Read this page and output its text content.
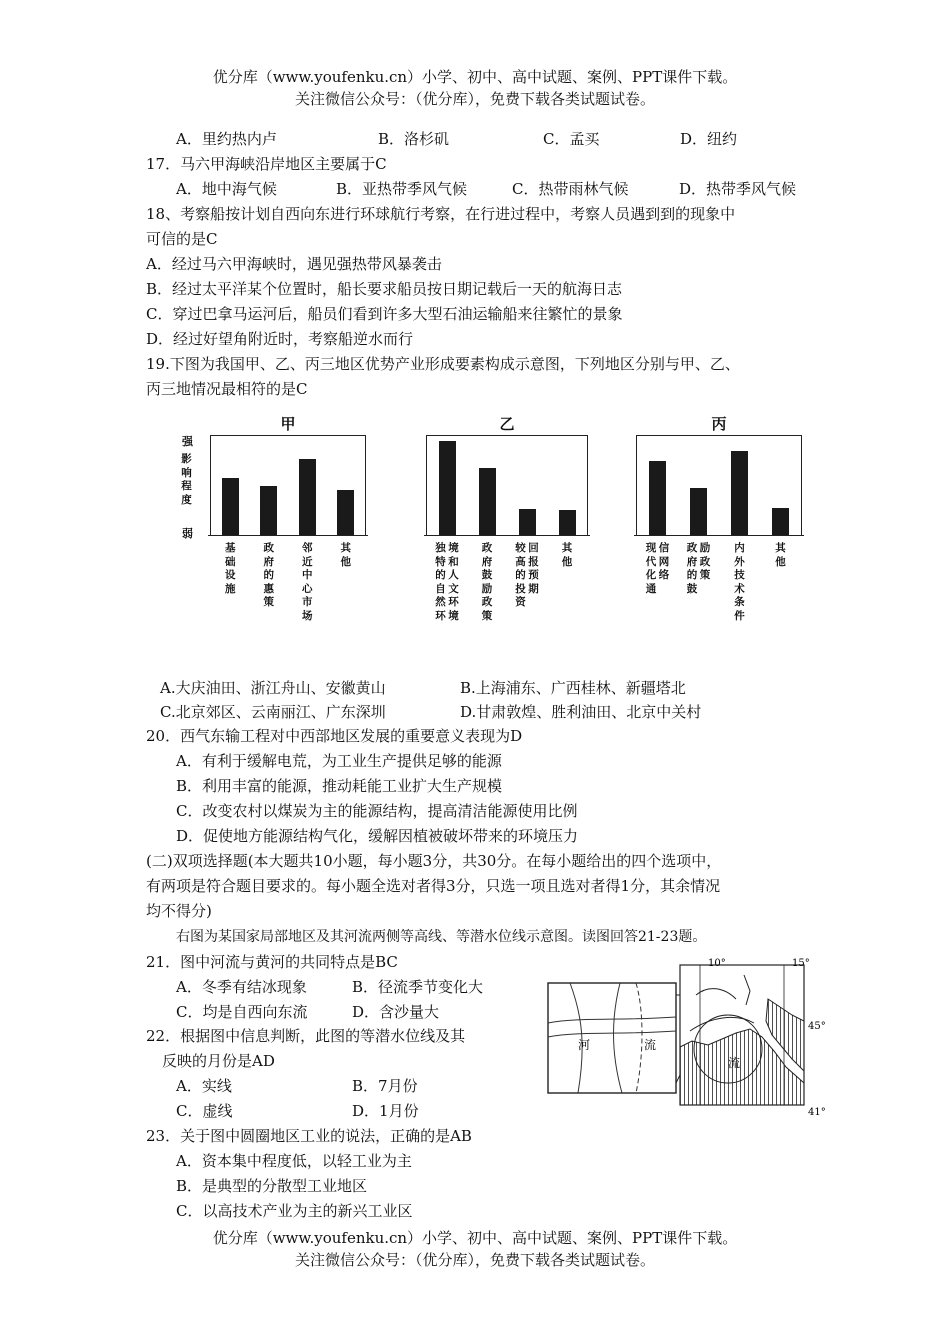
优分库（www.youfenku.cn）小学、初中、高中试题、案例、PPT课件下载。
关注微信公众号：（优分库），免费下载各类试题试卷。
A．里约热内卢	B．洛杉矶	C．孟买	D．纽约
17．马六甲海峡沿岸地区主要属于C
A．地中海气候	B．亚热带季风气候	C．热带雨林气候	D．热带季风气候
18、考察船按计划自西向东进行环球航行考察，在行进过程中，考察人员遇到到的现象中
可信的是C
A．经过马六甲海峡时，遇见强热带风暴袭击
B．经过太平洋某个位置时，船长要求船员按日期记载后一天的航海日志
C．穿过巴拿马运河后，船员们看到许多大型石油运输船来往繁忙的景象
D．经过好望角附近时，考察船逆水而行
19.下图为我国甲、乙、丙三地区优势产业形成要素构成示意图，下列地区分别与甲、乙、
丙三地情况最相符的是C
强
影响程度
弱
甲
基础设施
政府的惠策
邻近中心市场
其他
乙
独特的自然环
境和人文环境
政府鼓励政策
较高的投资
回报预期
其他
丙
现代化通
信网络
政府的鼓
励政策
内外技术条件
其他
A.大庆油田、浙江舟山、安徽黄山	B.上海浦东、广西桂林、新疆塔北
C.北京郊区、云南丽江、广东深圳	D.甘肃敦煌、胜利油田、北京中关村
20．西气东输工程对中西部地区发展的重要意义表现为D
A．有利于缓解电荒，为工业生产提供足够的能源
B．利用丰富的能源，推动耗能工业扩大生产规模
C．改变农村以煤炭为主的能源结构，提高清洁能源使用比例
D．促使地方能源结构气化，缓解因植被破坏带来的环境压力
(二)双项选择题(本大题共10小题，每小题3分，共30分。在每小题给出的四个选项中，
有两项是符合题目要求的。每小题全选对者得3分，只选一项且选对者得1分，其余情况
均不得分)
右图为某国家局部地区及其河流两侧等高线、等潜水位线示意图。读图回答21-23题。
21．图中河流与黄河的共同特点是BC
A．冬季有结冰现象	B．径流季节变化大
C．均是自西向东流	D．含沙量大
22．根据图中信息判断，此图的等潜水位线及其
反映的月份是AD
A．实线	B．7月份
C．虚线	D．1月份
23．关于图中圆圈地区工业的说法，正确的是AB
A．资本集中程度低，以轻工业为主
B．是典型的分散型工业地区
C．以高技术产业为主的新兴工业区
河	流
流
10°	15°
45°
41°
优分库（www.youfenku.cn）小学、初中、高中试题、案例、PPT课件下载。
关注微信公众号：（优分库），免费下载各类试题试卷。
